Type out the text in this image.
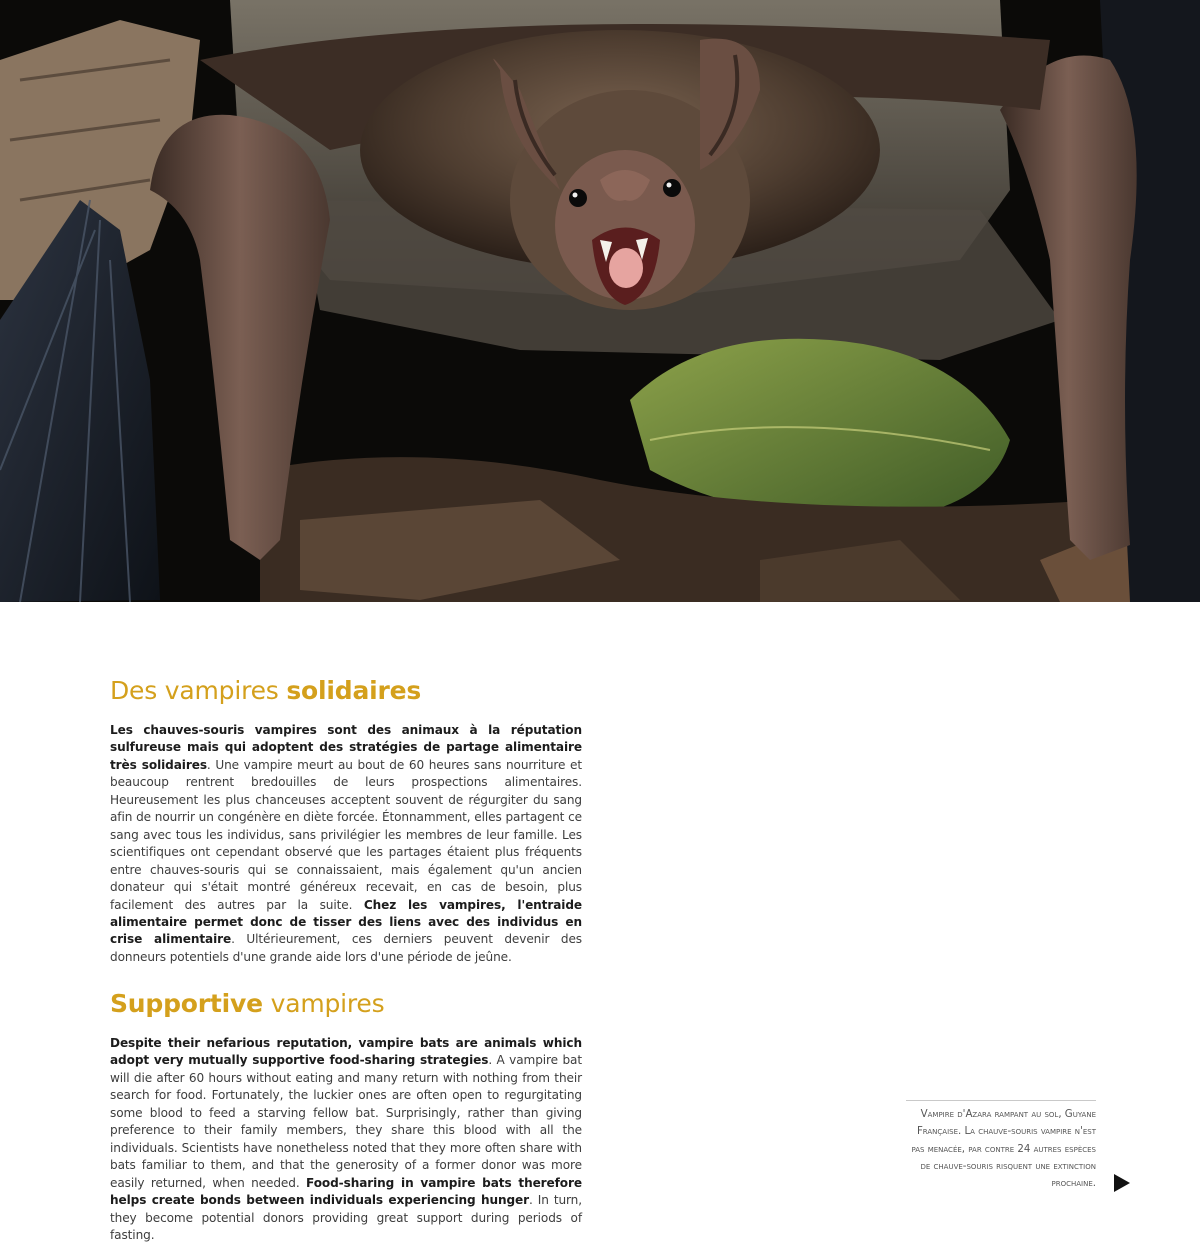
Des vampires solidaires

Les chauves-souris vampires sont des animaux à la réputation sulfureuse mais qui adoptent des stratégies de partage alimentaire très solidaires. Une vampire meurt au bout de 60 heures sans nourriture et beaucoup rentrent bredouilles de leurs prospections alimentaires. Heureusement les plus chanceuses acceptent souvent de régurgiter du sang afin de nourrir un congénère en diète forcée. Étonnamment, elles partagent ce sang avec tous les individus, sans privilégier les membres de leur famille. Les scientifiques ont cependant observé que les partages étaient plus fréquents entre chauves-souris qui se connaissaient, mais également qu'un ancien donateur qui s'était montré généreux recevait, en cas de besoin, plus facilement des autres par la suite. Chez les vampires, l'entraide alimentaire permet donc de tisser des liens avec des individus en crise alimentaire. Ultérieurement, ces derniers peuvent devenir des donneurs potentiels d'une grande aide lors d'une période de jeûne.

Supportive vampires

Despite their nefarious reputation, vampire bats are animals which adopt very mutually supportive food-sharing strategies. A vampire bat will die after 60 hours without eating and many return with nothing from their search for food. Fortunately, the luckier ones are often open to regurgitating some blood to feed a starving fellow bat. Surprisingly, rather than giving preference to their family members, they share this blood with all the individuals. Scientists have nonetheless noted that they more often share with bats familiar to them, and that the generosity of a former donor was more easily returned, when needed. Food-sharing in vampire bats therefore helps create bonds between individuals experiencing hunger. In turn, they become potential donors providing great support during periods of fasting.

Vampire d'Azara rampant au sol, Guyane Française. La chauve-souris vampire n'est pas menacée, par contre 24 autres espèces de chauve-souris risquent une extinction prochaine.
